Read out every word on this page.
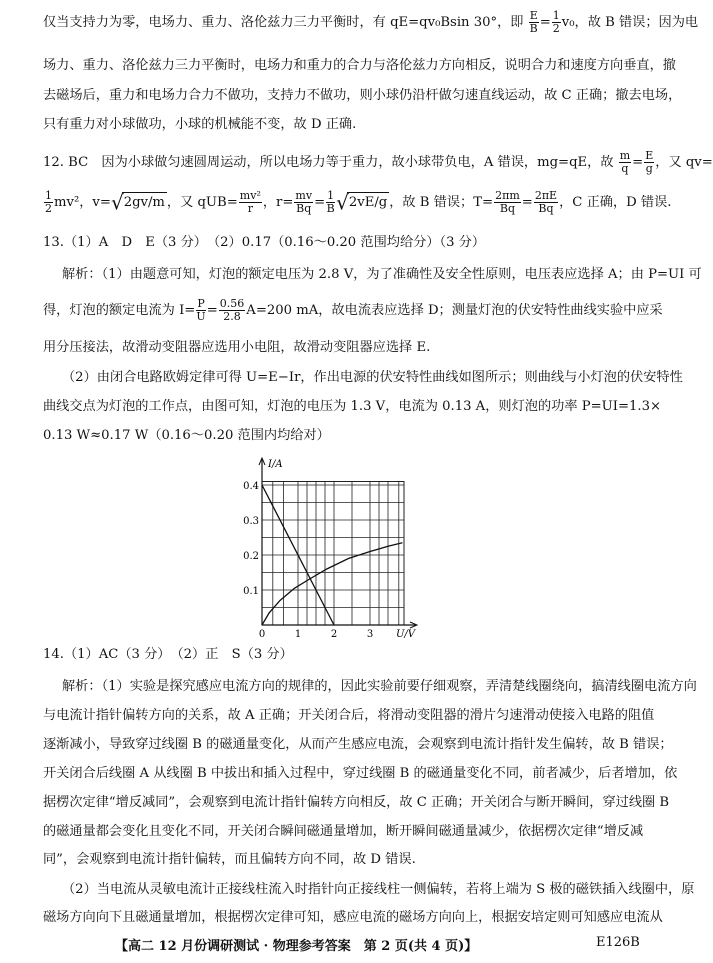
仅当支持力为零，电场力、重力、洛伦兹力三力平衡时，有 qE=qv₀Bsin 30°，即 $\frac{E}{B} = \frac{1}{2} v_0$，故 B 错误；因为电
场力、重力、洛伦兹力三力平衡时，电场力和重力的合力与洛伦兹力方向相反，说明合力和速度方向垂直，撤
去磁场后，重力和电场力合力不做功，支持力不做功，则小球仍沿杆做匀速直线运动，故 C 正确；撤去电场，
只有重力对小球做功，小球的机械能不变，故 D 正确.
12. BC　因为小球做匀速圆周运动，所以电场力等于重力，故小球带负电，A 错误，mg=qE，故 $\frac{m}{q} = \frac{E}{g}$ ，又 qv=
$\frac{1}{2} mv^2$，v=√2gv/m ，又 $qUB= \frac{\text{mv²}}{r}$ ，$r= \frac{mv}{Bq} = \frac{1}{B} √2vE/g$ ，故 B 错误；$T= \frac{2\pi m}{Bq} = \frac{2\pi E}{Bq}$ ，C 正确，D 错误.
13.（1）A　D　E（3 分）　（2）0.17（0.16～0.20 范围均给分）（3 分）
解析：（1）由题意可知，灯泡的额定电压为 2.8 V，为了准确性及安全性原则，电压表应选择 A；由 P=UI 可
得，灯泡的额定电流为 $I= \frac{P}{U} = \frac{0.56}{2.8} A=200$ mA，故电流表应选择 D；测量灯泡的伏安特性曲线实验中应采
用分压接法，故滑动变阻器应选用小电阻，故滑动变阻器应选择 E.
（2）由闭合电路欧姆定律可得 U=E−Ir，作出电源的伏安特性曲线如图所示；则曲线与小灯泡的伏安特性
曲线交点为灯泡的工作点，由图可知，灯泡的电压为 1.3 V，电流为 0.13 A，则灯泡的功率 P=UI=1.3×
0.13 W≈0.17 W（0.16～0.20 范围内均给对）
I/A
U/V
0.1
0.2
0.3
0.4
0	1	2	3
14.（1）AC（3 分）　（2）正　S（3 分）
解析：（1）实验是探究感应电流方向的规律的，因此实验前要仔细观察，弄清楚线圈绕向，搞清线圈电流方向
与电流计指针偏转方向的关系，故 A 正确；开关闭合后，将滑动变阻器的滑片匀速滑动使接入电路的阻值
逐渐减小，导致穿过线圈 B 的磁通量变化，从而产生感应电流，会观察到电流计指针发生偏转，故 B 错误；
开关闭合后线圈 A 从线圈 B 中拔出和插入过程中，穿过线圈 B 的磁通量变化不同，前者减少，后者增加，依
据楞次定律“增反减同”，会观察到电流计指针偏转方向相反，故 C 正确；开关闭合与断开瞬间，穿过线圈 B
的磁通量都会变化且变化不同，开关闭合瞬间磁通量增加，断开瞬间磁通量减少，依据楞次定律“增反减
同”，会观察到电流计指针偏转，而且偏转方向不同，故 D 错误.
（2）当电流从灵敏电流计正接线柱流入时指针向正接线柱一侧偏转，若将上端为 S 极的磁铁插入线圈中，原
磁场方向向下且磁通量增加，根据楞次定律可知，感应电流的磁场方向向上，根据安培定则可知感应电流从
【高二 12 月份调研测试 · 物理参考答案　第 2 页(共 4 页)】	E126B
